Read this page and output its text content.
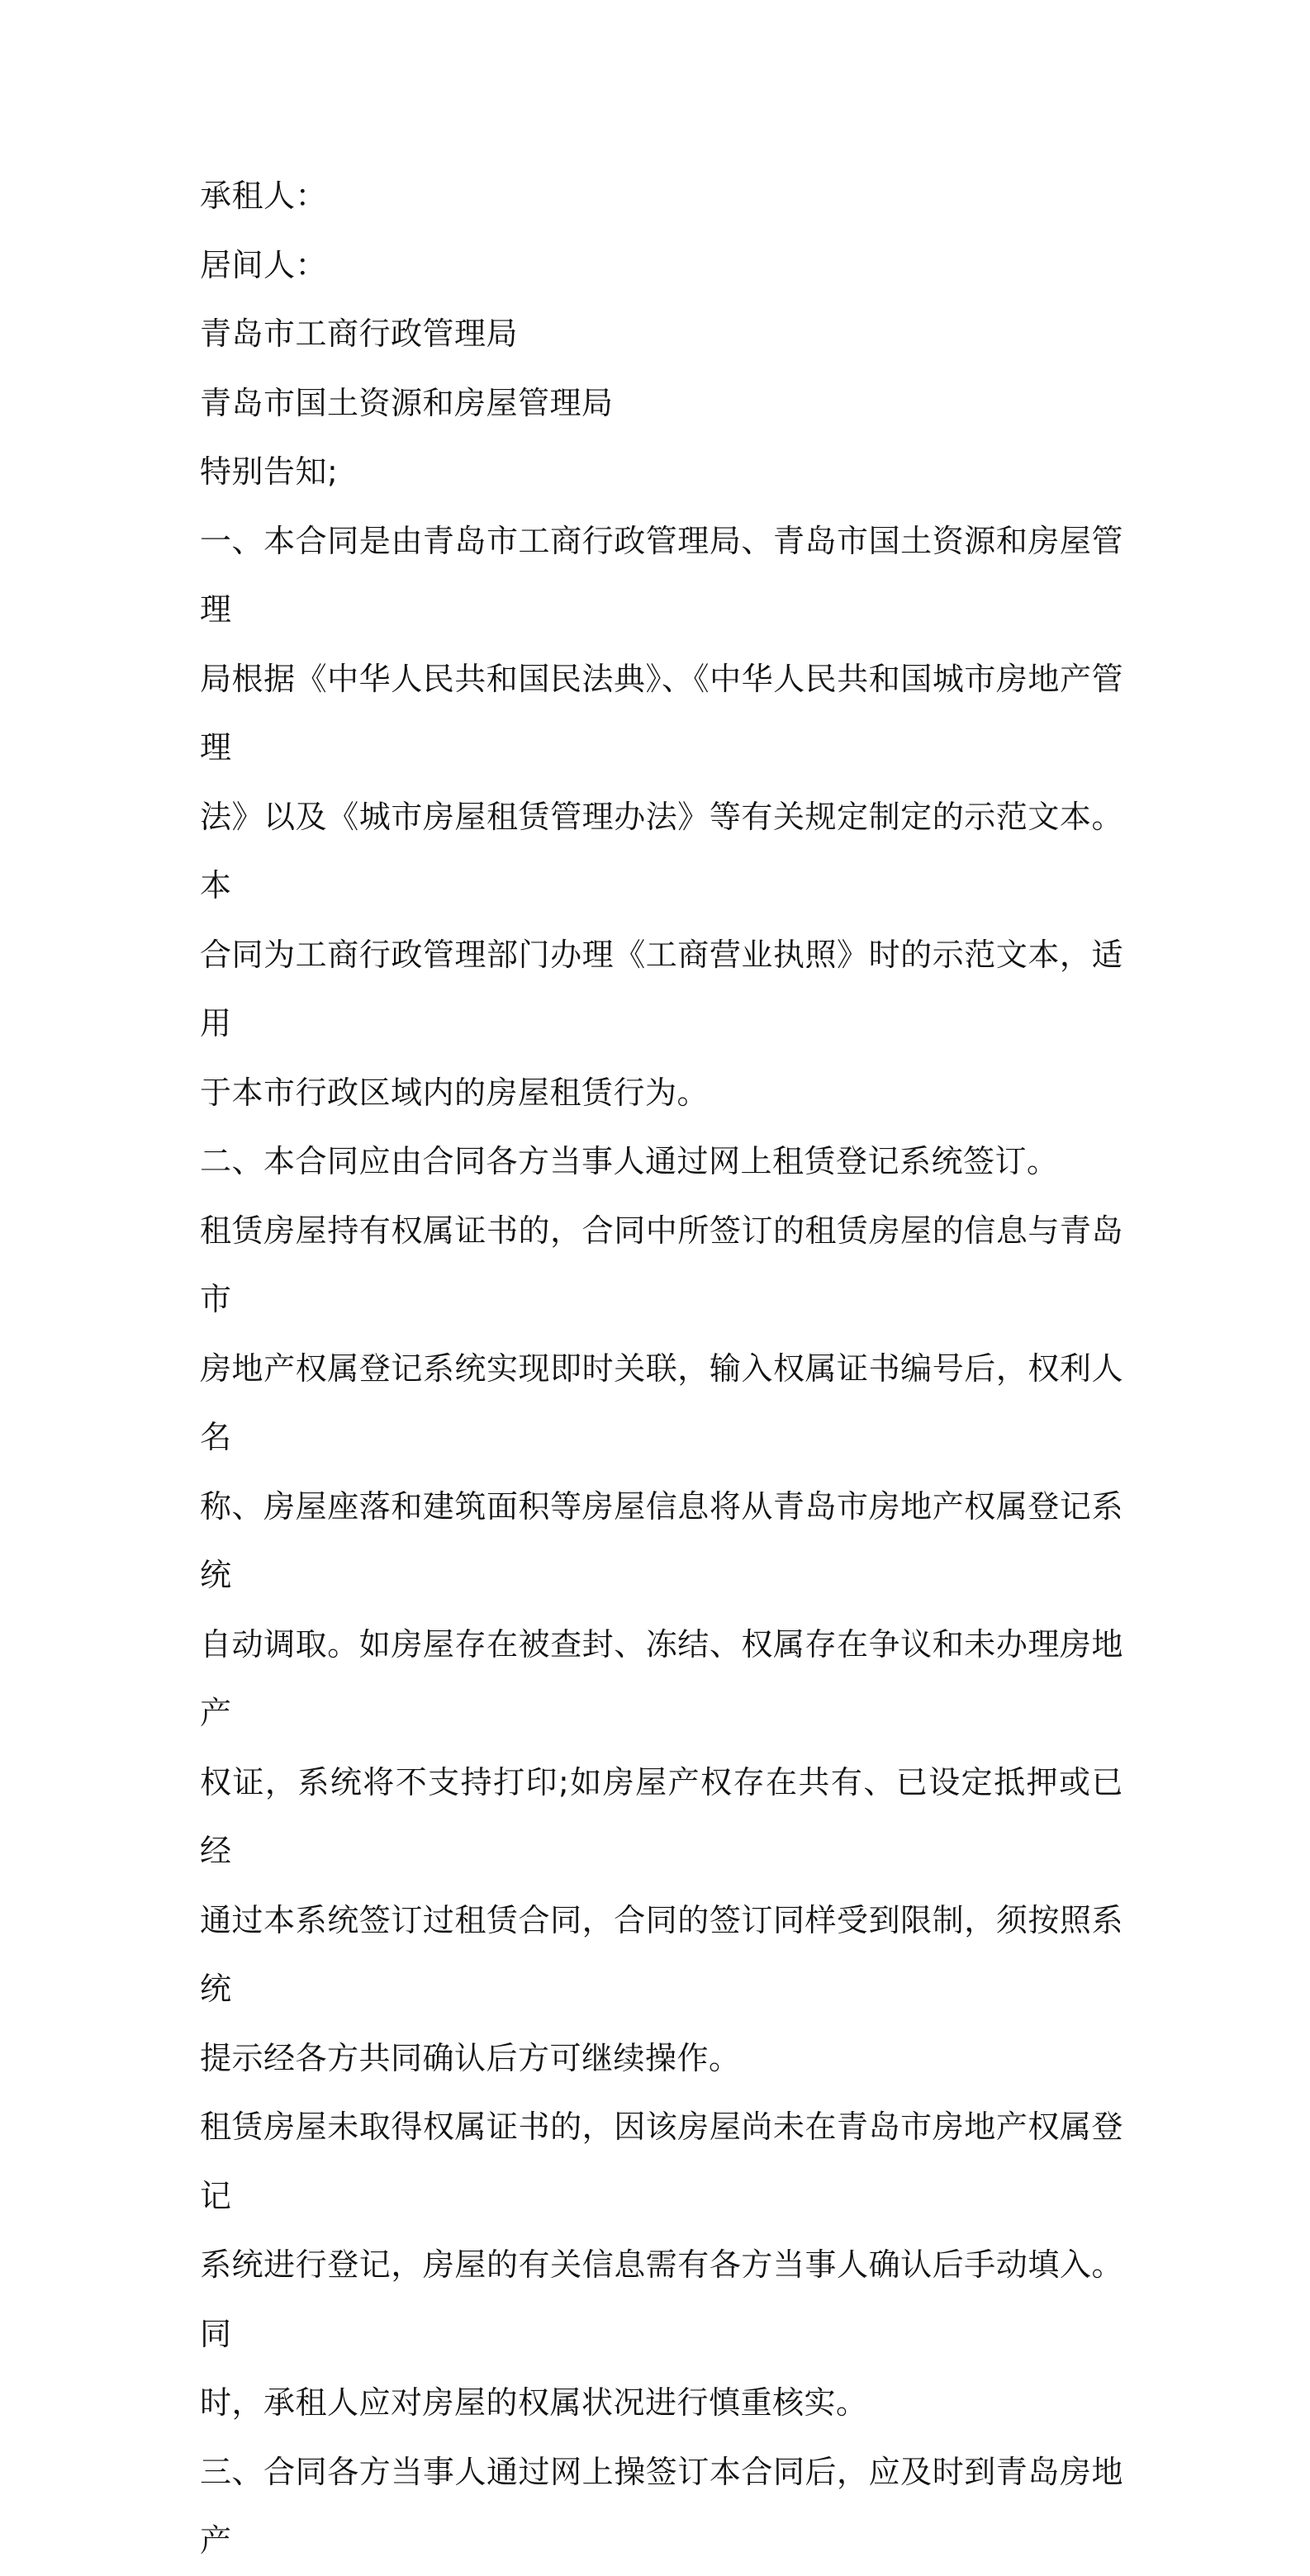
承租人：

居间人：

青岛市工商行政管理局

青岛市国土资源和房屋管理局

特别告知;

一、本合同是由青岛市工商行政管理局、青岛市国土资源和房屋管理

局根据《中华人民共和国民法典》、《中华人民共和国城市房地产管理

法》以及《城市房屋租赁管理办法》等有关规定制定的示范文本。本

合同为工商行政管理部门办理《工商营业执照》时的示范文本，适用

于本市行政区域内的房屋租赁行为。

二、本合同应由合同各方当事人通过网上租赁登记系统签订。

租赁房屋持有权属证书的，合同中所签订的租赁房屋的信息与青岛市

房地产权属登记系统实现即时关联，输入权属证书编号后，权利人名

称、房屋座落和建筑面积等房屋信息将从青岛市房地产权属登记系统

自动调取。如房屋存在被查封、冻结、权属存在争议和未办理房地产

权证，系统将不支持打印;如房屋产权存在共有、已设定抵押或已经

通过本系统签订过租赁合同，合同的签订同样受到限制，须按照系统

提示经各方共同确认后方可继续操作。

租赁房屋未取得权属证书的，因该房屋尚未在青岛市房地产权属登记

系统进行登记，房屋的有关信息需有各方当事人确认后手动填入。同

时，承租人应对房屋的权属状况进行慎重核实。

三、合同各方当事人通过网上操签订本合同后，应及时到青岛房地产
